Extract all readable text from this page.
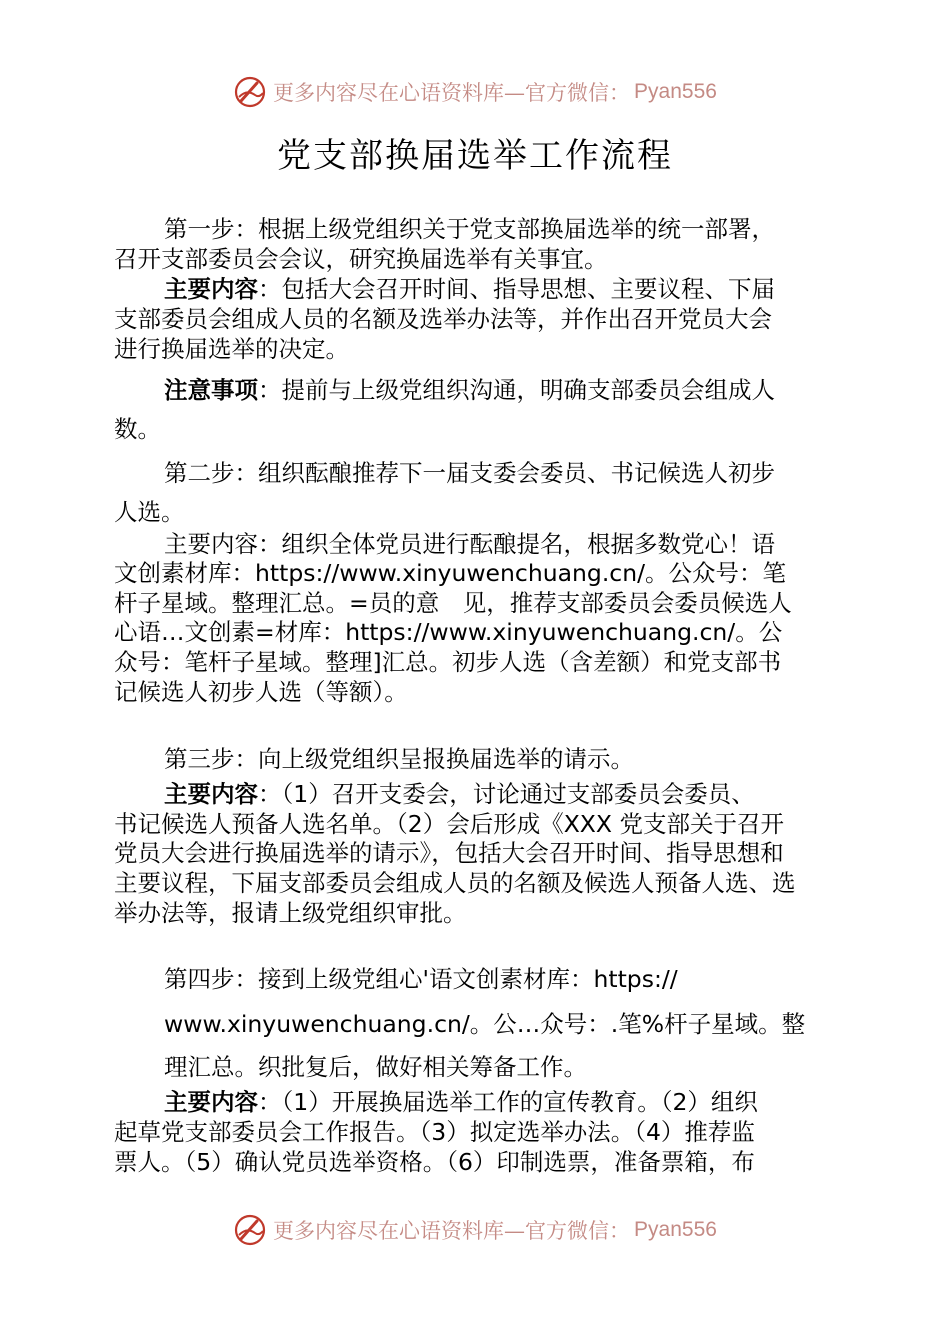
更多内容尽在心语资料库—官方微信： Pyan556
党支部换届选举工作流程
第一步：根据上级党组织关于党支部换届选举的统一部署，
召开支部委员会会议，研究换届选举有关事宜。
主要内容：包括大会召开时间、指导思想、主要议程、下届
支部委员会组成人员的名额及选举办法等，并作出召开党员大会
进行换届选举的决定。
注意事项：提前与上级党组织沟通，明确支部委员会组成人
数。
第二步：组织酝酿推荐下一届支委会委员、书记候选人初步
人选。
主要内容：组织全体党员进行酝酿提名，根据多数党心！语
文创素材库：https://www.xinyuwenchuang.cn/。公众号：笔
杆子星域。整理汇总。=员的意　见，推荐支部委员会委员候选人
心语…文创素=材库：https://www.xinyuwenchuang.cn/。公
众号：笔杆子星域。整理]汇总。初步人选（含差额）和党支部书
记候选人初步人选（等额）。
第三步：向上级党组织呈报换届选举的请示。
主要内容：（1）召开支委会，讨论通过支部委员会委员、
书记候选人预备人选名单。（2）会后形成《XXX 党支部关于召开
党员大会进行换届选举的请示》，包括大会召开时间、指导思想和
主要议程，下届支部委员会组成人员的名额及候选人预备人选、选
举办法等，报请上级党组织审批。
第四步：接到上级党组心'语文创素材库：https://
www.xinyuwenchuang.cn/。公…众号：.笔%杆子星域。整
理汇总。织批复后，做好相关筹备工作。
主要内容：（1）开展换届选举工作的宣传教育。（2）组织
起草党支部委员会工作报告。（3）拟定选举办法。（4）推荐监
票人。（5）确认党员选举资格。（6）印制选票，准备票箱，布
更多内容尽在心语资料库—官方微信： Pyan556
